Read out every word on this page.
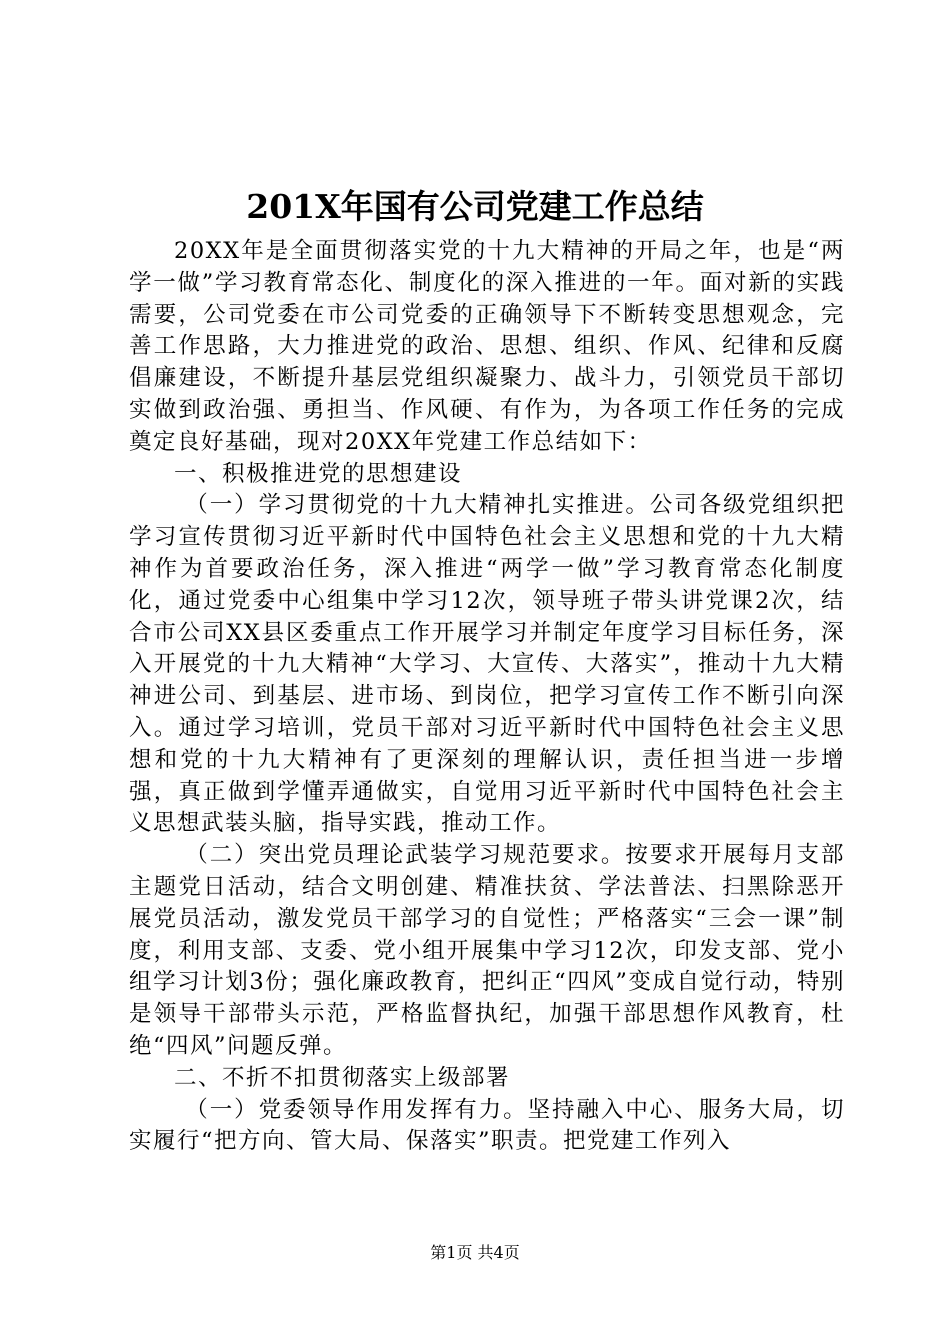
201X年国有公司党建工作总结

20XX年是全面贯彻落实党的十九大精神的开局之年，也是“两学一做”学习教育常态化、制度化的深入推进的一年。面对新的实践需要，公司党委在市公司党委的正确领导下不断转变思想观念，完善工作思路，大力推进党的政治、思想、组织、作风、纪律和反腐倡廉建设，不断提升基层党组织凝聚力、战斗力，引领党员干部切实做到政治强、勇担当、作风硬、有作为，为各项工作任务的完成奠定良好基础，现对20XX年党建工作总结如下：

一、积极推进党的思想建设

（一）学习贯彻党的十九大精神扎实推进。公司各级党组织把学习宣传贯彻习近平新时代中国特色社会主义思想和党的十九大精神作为首要政治任务，深入推进“两学一做”学习教育常态化制度化，通过党委中心组集中学习12次，领导班子带头讲党课2次，结合市公司XX县区委重点工作开展学习并制定年度学习目标任务，深入开展党的十九大精神“大学习、大宣传、大落实”，推动十九大精神进公司、到基层、进市场、到岗位，把学习宣传工作不断引向深入。通过学习培训，党员干部对习近平新时代中国特色社会主义思想和党的十九大精神有了更深刻的理解认识，责任担当进一步增强，真正做到学懂弄通做实，自觉用习近平新时代中国特色社会主义思想武装头脑，指导实践，推动工作。

（二）突出党员理论武装学习规范要求。按要求开展每月支部主题党日活动，结合文明创建、精准扶贫、学法普法、扫黑除恶开展党员活动，激发党员干部学习的自觉性；严格落实“三会一课”制度，利用支部、支委、党小组开展集中学习12次，印发支部、党小组学习计划3份；强化廉政教育，把纠正“四风”变成自觉行动，特别是领导干部带头示范，严格监督执纪，加强干部思想作风教育，杜绝“四风”问题反弹。

二、不折不扣贯彻落实上级部署

（一）党委领导作用发挥有力。坚持融入中心、服务大局，切实履行“把方向、管大局、保落实”职责。把党建工作列入

第1页 共4页
